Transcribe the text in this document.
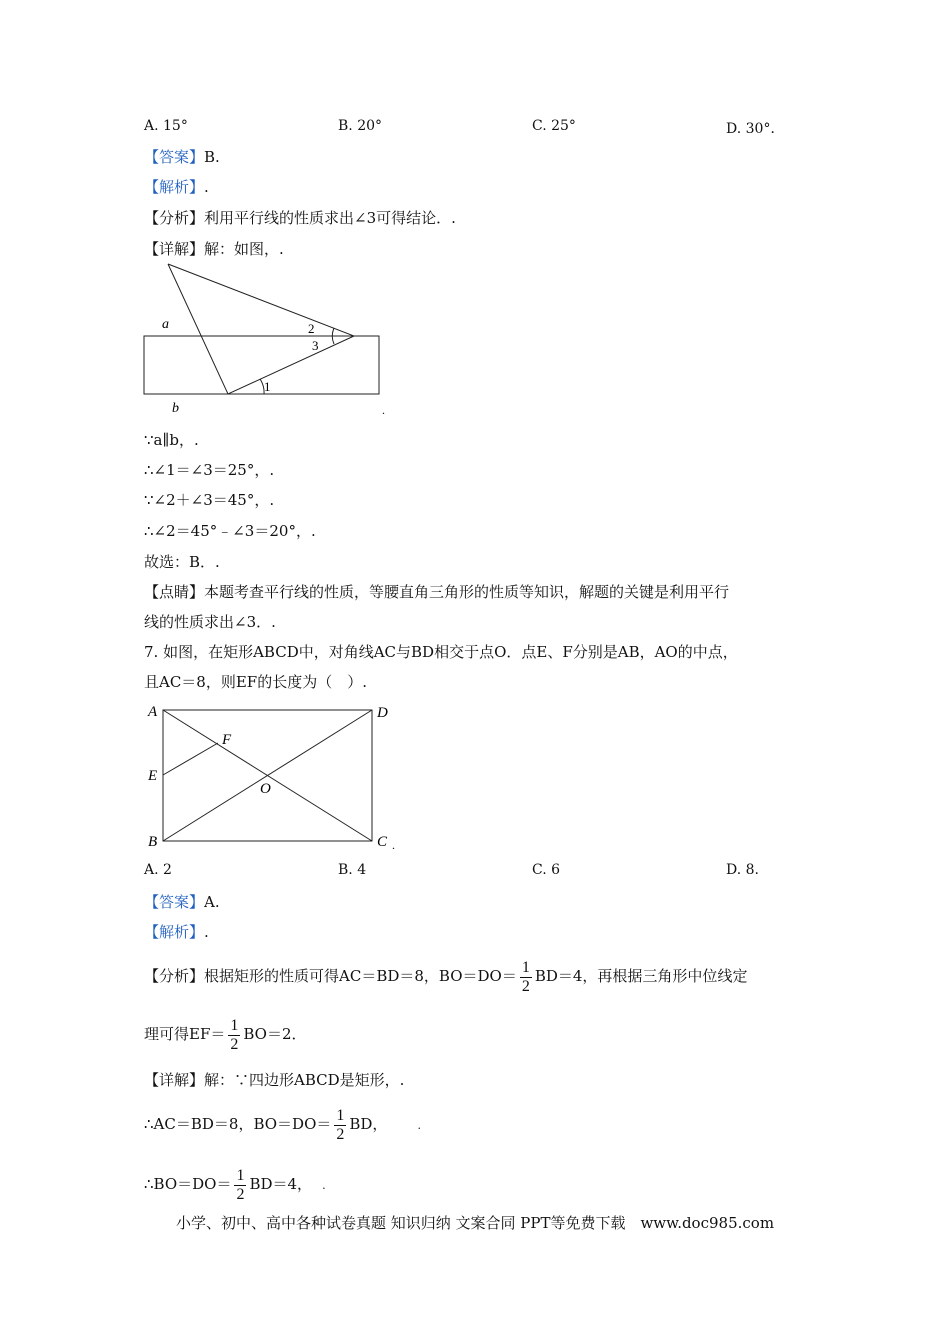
A. 15°	B. 20°	C. 25°	D. 30°．
【答案】B.
【解析】.
【分析】利用平行线的性质求出∠3可得结论．.
【详解】解：如图，.
a
b
2
3
1
.
∵a∥b，.
∴∠1＝∠3＝25°，.
∵∠2＋∠3＝45°，.
∴∠2＝45°﹣∠3＝20°，.
故选：B．.
【点睛】本题考查平行线的性质，等腰直角三角形的性质等知识，解题的关键是利用平行
线的性质求出∠3．.
7. 如图，在矩形ABCD中，对角线AC与BD相交于点O．点E、F分别是AB，AO的中点，
且AC＝8，则EF的长度为（　）.
A	D
B	C
E
F
O
.
A. 2	B. 4	C. 6	D. 8.
【答案】A.
【解析】.
【分析】根据矩形的性质可得AC＝BD＝8，$BO=DO= \frac{1}{2} BD=4$，再根据三角形中位线定
理可得$EF= \frac{1}{2} BO=2$．
【详解】解：∵四边形ABCD是矩形，.
∴AC＝BD＝8，$BO=DO= \frac{1}{2}$ BD，	.
∴BO＝DO＝ $\frac{1}{2} BD=4$， .
小学、初中、高中各种试卷真题 知识归纳 文案合同 PPT等免费下载　www.doc985.com
